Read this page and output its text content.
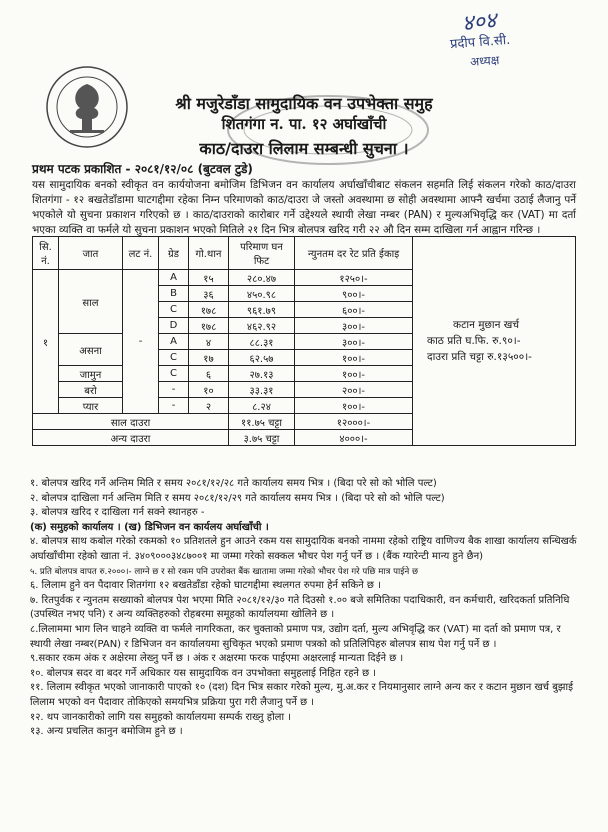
४०४
प्रदीप वि.सी.
अध्यक्ष
श्री मजुरेडाँडा सामुदायिक वन उपभेक्ता समुह
शितगंगा न. पा. १२ अर्घाखाँची
काठ/दाउरा लिलाम सम्बन्धी सुचना ।
प्रथम पटक प्रकाशित - २०८१/१२/०८ (बुटवल टुडे)
यस सामुदायिक बनको स्वीकृत वन कार्ययोजना बमोजिम डिभिजन वन कार्यालय अर्घाखाँचीबाट संकलन सहमति लिई संकलन गरेको काठ/दाउरा शितगंगा - १२ बखतेडाँडामा घाटगद्दीमा रहेका निम्न परिमाणको काठ/दाउरा जे जस्तो अवस्थामा छ सोही अवस्थामा आफ्नै खर्चमा उठाई लैजानु पर्ने भएकोले यो सुचना प्रकाशन गरिएको छ । काठ/दाउराको कारोबार गर्ने उद्देश्यले स्थायी लेखा नम्बर (PAN) र मुल्यअभिवृद्धि कर (VAT) मा दर्ता भएका व्यक्ति वा फर्मले यो सुचना प्रकाशन भएको मितिले २१ दिन भित्र बोलपत्र खरिद गरी २२ औ दिन सम्म दाखिला गर्न आह्वान गरिन्छ ।
सि. नं.	जात	लट नं.	ग्रेड	गो.थान	परिमाण घन फिट	न्युनतम दर रेट प्रति ईकाइ	कटान मुछान खर्च
काठ प्रति घ.फि. रु.९०।-
दाउरा प्रति चट्टा रु.१३५००।-

१	साल	-	A	१५	२८०.४७	१२५०।-	
			B	३६	४५०.९८	९००।-	
			C	१७८	९६१.७९	६००।-	
			D	१७८	४६२.९२	३००।-	
	असना		A	४	८८.३१	३००।-	
			C	१७	६२.५७	१००।-	
	जामुन		C	६	२७.१३	१००।-	
	बरो		-	१०	३३.३१	२००।-	
	प्यार		-	२	८.२४	१००।-	
साल दाउरा					११.७५ चट्टा	१२०००।-	
अन्य दाउरा					३.७५ चट्टा	४०००।-	

१. बोलपत्र खरिद गर्ने अन्तिम मिति र समय २०८१/१२/२८ गते कार्यालय समय भित्र । (बिदा परे सो को भोलि पल्ट)

२. बोलपत्र दाखिला गर्न अन्तिम मिति र समय २०८१/१२/२९ गते कार्यालय समय भित्र । (बिदा परे सो को भोलि पल्ट)

३. बोलपत्र खरिद र दाखिला गर्न सक्ने स्थानहरु -

(क) समुहको कार्यालय । (ख) डिभिजन वन कार्यलय अर्घाखाँची ।

४. बोलपत्र साथ कबोल गरेको रकमको १० प्रतिशतले हुन आउने रकम यस सामुदायिक बनको नाममा रहेको राष्ट्रिय वाणिज्य बैक शाखा कार्यालय सन्धिखर्क अर्घाखाँचीमा रहेको खाता नं. ३४०९०००३४८७००१ मा जम्मा गरेको सक्कल भौचर पेश गर्नु पर्ने छ । (बैंक ग्यारेन्टी मान्य हुने छैन)

५. प्रति बोलपत्र वापत रु.२०००।- लाग्ने छ र सो रकम पनि उपरोक्त बैंक खातामा जम्मा गरेको भौचर पेश गरे पछि मात्र पाईने छ

६. लिलाम हुने वन पैदावार शितगंगा १२ बखतेडाँडा रहेको घाटगद्दीमा स्थलगत रुपमा हेर्न सकिने छ ।

७. रितपुर्वक र न्युनतम सख्याको बोलपत्र पेश भएमा मिति २०८१/१२/३० गते दिउसो १.०० बजे समितिका पदाधिकारी, वन कर्मचारी, खरिदकर्ता प्रतिनिधि (उपस्थित नभए पनि) र अन्य व्यक्तिहरुको रोहबरमा समूहको कार्यालयमा खोलिने छ ।

८.लिलाममा भाग लिन चाहने व्यक्ति वा फर्मले नागरिकता, कर चुक्ताको प्रमाण पत्र, उद्योग दर्ता, मुल्य अभिवृद्धि कर (VAT) मा दर्ता को प्रमाण पत्र, र स्थायी लेखा नम्बर(PAN) र डिभिजन वन कार्यालयमा सुचिकृत भएको प्रमाण पत्रको को प्रतिलिपिहरु बोलपत्र साथ पेश गर्नु पर्ने छ ।

९.सकार रकम अंक र अक्षेरमा लेख्नु पर्ने छ । अंक र अक्षरमा फरक पाईएमा अक्षरलाई मान्यता दिईने छ ।

१०. बोलपत्र सदर वा बदर गर्ने अधिकार यस सामुदायिक वन उपभोक्ता समुहलाई निहित रहने छ ।

११. लिलाम स्वीकृत भएको जानाकारी पाएको १० (दश) दिन भित्र सकार गरेको मुल्य, मु.अ.कर र नियमानुसार लाग्ने अन्य कर र कटान मुछान खर्च बुझाई लिलाम भएको वन पैदावार तोकिएको समयभित्र प्रक्रिया पुरा गरी लैजानु पर्ने छ ।

१२. थप जानकारीको लागि यस समुहको कार्यालयमा सम्पर्क राख्नु होला ।

१३. अन्य प्रचलित कानुन बमोजिम हुने छ ।
